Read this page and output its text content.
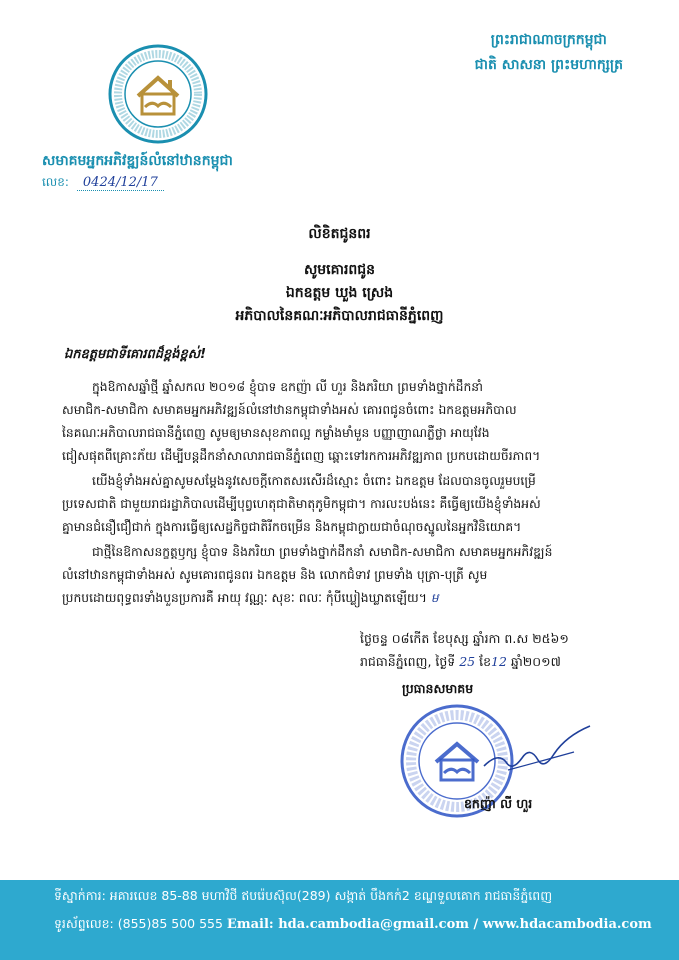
សមាគមអ្នកអភិវឌ្ឍន៍លំនៅឋានកម្ពុជា
លេខ: 0424/12/17
ព្រះរាជាណាចក្រកម្ពុជា
ជាតិ សាសនា ព្រះមហាក្សត្រ
លិខិតជូនពរ
សូមគោរពជូន
ឯកឧត្តម ឃួង ស្រេង
អភិបាលនៃគណៈអភិបាលរាជធានីភ្នំពេញ
ឯកឧត្តមជាទីគោរពដ៏ខ្ពង់ខ្ពស់!
ក្នុងឱកាសឆ្នាំថ្មី ឆ្នាំសកល ២០១៨ ខ្ញុំបាទ ឧកញ៉ា លី ហួរ និងភរិយា ព្រមទាំងថ្នាក់ដឹកនាំ
សមាជិក-សមាជិកា សមាគមអ្នកអភិវឌ្ឍន៍លំនៅឋានកម្ពុជាទាំងអស់ គោរពជូនចំពោះ ឯកឧត្តមអភិបាល
នៃគណៈអភិបាលរាជធានីភ្នំពេញ សូមឲ្យមានសុខភាពល្អ កម្លាំងមាំមួន បញ្ញាញាណភ្លឺថ្លា អាយុវែង
ជៀសផុតពីគ្រោះភ័យ ដើម្បីបន្តដឹកនាំសាលារាជធានីភ្នំពេញ ឆ្ពោះទៅរកការអភិវឌ្ឍភាព ប្រកបដោយចីរភាព។
យើងខ្ញុំទាំងអស់គ្នាសូមសម្តែងនូវសេចក្តីកោតសរសើរដ៏ស្មោះ ចំពោះ ឯកឧត្តម ដែលបានចូលរួមបម្រើ
ប្រទេសជាតិ ជាមួយរាជរដ្ឋាភិបាលដើម្បីបុព្វហេតុជាតិមាតុភូមិកម្ពុជា។ ការលះបង់នេះ គឺធ្វើឲ្យយើងខ្ញុំទាំងអស់
គ្នាមានជំនឿជឿជាក់ ក្នុងការធ្វើឲ្យសេដ្ឋកិច្ចជាតិរីកចម្រើន និងកម្ពុជាក្លាយជាចំណុចស្នូលនៃអ្នកវិនិយោគ។
ជាថ្មីនៃឱកាសនក្ខត្តឫក្ស ខ្ញុំបាទ និងភរិយា ព្រមទាំងថ្នាក់ដឹកនាំ សមាជិក-សមាជិកា សមាគមអ្នកអភិវឌ្ឍន៍
លំនៅឋានកម្ពុជាទាំងអស់ សូមគោរពជូនពរ ឯកឧត្តម និង លោកជំទាវ ព្រមទាំង បុត្រា-បុត្រី សូម
ប្រកបដោយពុទ្ធពរទាំងបួនប្រការគឺ អាយុ វណ្ណៈ សុខៈ ពលៈ កុំបីឃ្លៀងឃ្លាតឡើយ។ ម
ថ្ងៃចន្ទ ០៨កើត ខែបុស្ស ឆ្នាំរកា ព.ស ២៥៦១
រាជធានីភ្នំពេញ, ថ្ងៃទី 25 ខែ12 ឆ្នាំ២០១៧
ប្រធានសមាគម
ឧកញ៉ា លី ហួរ
ទីស្នាក់ការ: អគារលេខ 85-88 មហាវិថី ឥបរ៉េបស៊ុល(289) សង្កាត់ បឹងកក់2 ខណ្ឌទួលគោក រាជធានីភ្នំពេញ
ទូរស័ព្ទលេខ: (855)85 500 555 Email: hda.cambodia@gmail.com / www.hdacambodia.com
